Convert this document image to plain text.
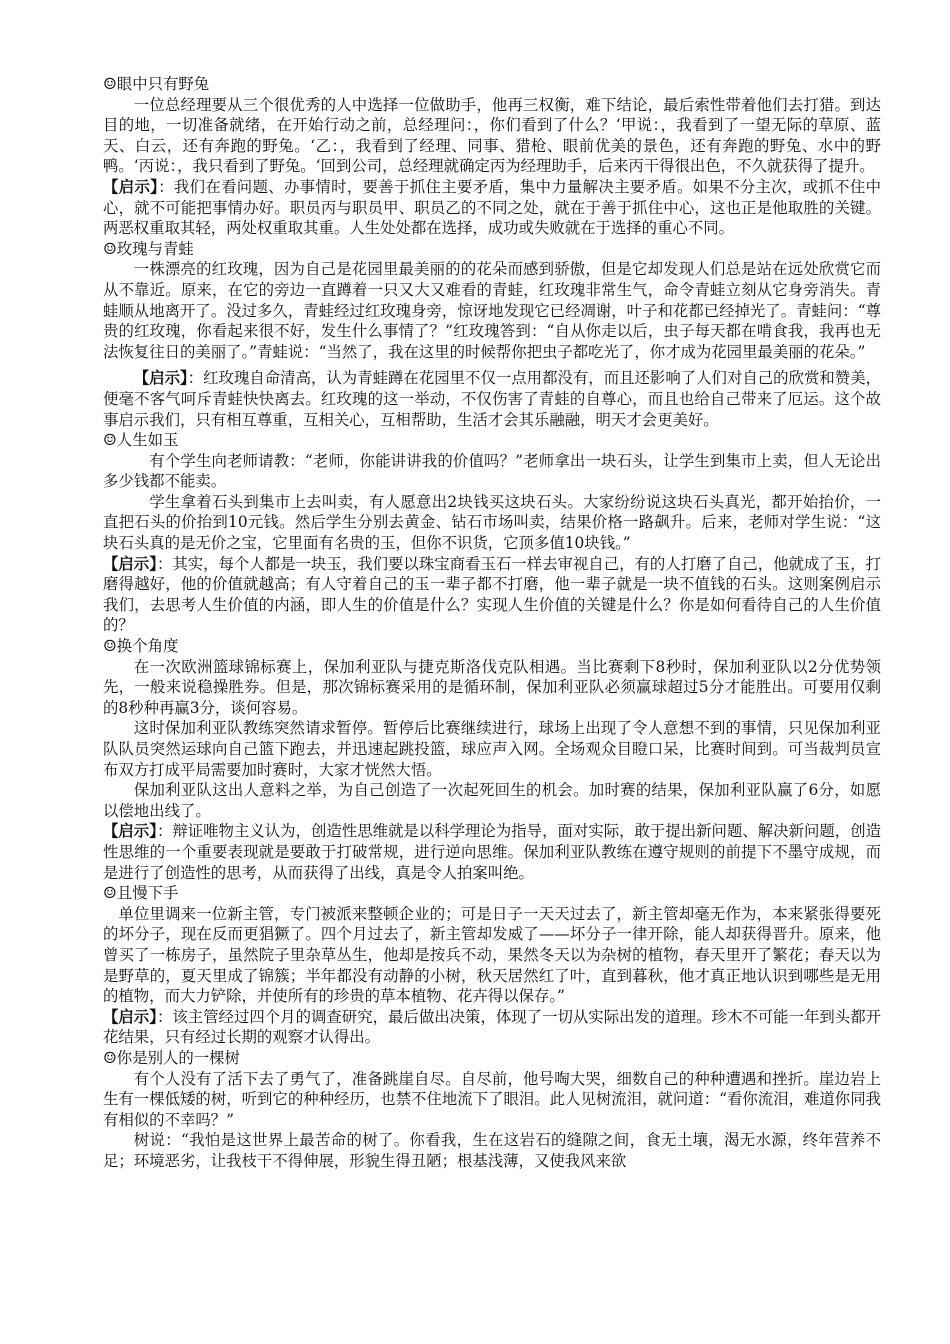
☺眼中只有野兔

一位总经理要从三个很优秀的人中选择一位做助手，他再三权衡，难下结论，最后索性带着他们去打猎。到达目的地，一切准备就绪，在开始行动之前，总经理问：，你们看到了什么？‘甲说：，我看到了一望无际的草原、蓝天、白云，还有奔跑的野兔。‘乙：，我看到了经理、同事、猎枪、眼前优美的景色，还有奔跑的野兔、水中的野鸭。‘丙说：，我只看到了野兔。‘回到公司，总经理就确定丙为经理助手，后来丙干得很出色，不久就获得了提升。

【启示】：我们在看问题、办事情时，要善于抓住主要矛盾，集中力量解决主要矛盾。如果不分主次，或抓不住中心，就不可能把事情办好。职员丙与职员甲、职员乙的不同之处，就在于善于抓住中心，这也正是他取胜的关键。两恶权重取其轻，两处权重取其重。人生处处都在选择，成功或失败就在于选择的重心不同。

☺玫瑰与青蛙

一株漂亮的红玫瑰，因为自己是花园里最美丽的的花朵而感到骄傲，但是它却发现人们总是站在远处欣赏它而从不靠近。原来，在它的旁边一直蹲着一只又大又难看的青蛙，红玫瑰非常生气，命令青蛙立刻从它身旁消失。青蛙顺从地离开了。没过多久，青蛙经过红玫瑰身旁，惊讶地发现它已经凋谢，叶子和花都已经掉光了。青蛙问：“尊贵的红玫瑰，你看起来很不好，发生什么事情了？”红玫瑰答到：“自从你走以后，虫子每天都在啃食我，我再也无法恢复往日的美丽了。”青蛙说：“当然了，我在这里的时候帮你把虫子都吃光了，你才成为花园里最美丽的花朵。”

【启示】：红玫瑰自命清高，认为青蛙蹲在花园里不仅一点用都没有，而且还影响了人们对自己的欣赏和赞美，便毫不客气呵斥青蛙快快离去。红玫瑰的这一举动，不仅伤害了青蛙的自尊心，而且也给自己带来了厄运。这个故事启示我们，只有相互尊重，互相关心，互相帮助，生活才会其乐融融，明天才会更美好。

☺人生如玉

有个学生向老师请教：“老师，你能讲讲我的价值吗？”老师拿出一块石头，让学生到集市上卖，但人无论出多少钱都不能卖。

学生拿着石头到集市上去叫卖，有人愿意出2块钱买这块石头。大家纷纷说这块石头真光，都开始抬价，一直把石头的价抬到10元钱。然后学生分别去黄金、钻石市场叫卖，结果价格一路飙升。后来，老师对学生说：“这块石头真的是无价之宝，它里面有名贵的玉，但你不识货，它顶多值10块钱。”

【启示】：其实，每个人都是一块玉，我们要以珠宝商看玉石一样去审视自己，有的人打磨了自己，他就成了玉，打磨得越好，他的价值就越高；有人守着自己的玉一辈子都不打磨，他一辈子就是一块不值钱的石头。这则案例启示我们，去思考人生价值的内涵，即人生的价值是什么？实现人生价值的关键是什么？你是如何看待自己的人生价值的？

☺换个角度

在一次欧洲篮球锦标赛上，保加利亚队与捷克斯洛伐克队相遇。当比赛剩下8秒时，保加利亚队以2分优势领先，一般来说稳操胜券。但是，那次锦标赛采用的是循环制，保加利亚队必须赢球超过5分才能胜出。可要用仅剩的8秒种再赢3分，谈何容易。

这时保加利亚队教练突然请求暂停。暂停后比赛继续进行，球场上出现了令人意想不到的事情，只见保加利亚队队员突然运球向自己篮下跑去，并迅速起跳投篮，球应声入网。全场观众目瞪口呆，比赛时间到。可当裁判员宣布双方打成平局需要加时赛时，大家才恍然大悟。

保加利亚队这出人意料之举，为自己创造了一次起死回生的机会。加时赛的结果，保加利亚队赢了6分，如愿以偿地出线了。

【启示】：辩证唯物主义认为，创造性思维就是以科学理论为指导，面对实际，敢于提出新问题、解决新问题，创造性思维的一个重要表现就是要敢于打破常规，进行逆向思维。保加利亚队教练在遵守规则的前提下不墨守成规，而是进行了创造性的思考，从而获得了出线，真是令人拍案叫绝。

☺且慢下手

单位里调来一位新主管，专门被派来整顿企业的；可是日子一天天过去了，新主管却毫无作为，本来紧张得要死的坏分子，现在反而更猖獗了。四个月过去了，新主管却发威了——坏分子一律开除，能人却获得晋升。原来，他曾买了一栋房子，虽然院子里杂草丛生，他却是按兵不动，果然冬天以为杂树的植物，春天里开了繁花；春天以为是野草的，夏天里成了锦簇；半年都没有动静的小树，秋天居然红了叶，直到暮秋，他才真正地认识到哪些是无用的植物，而大力铲除，并使所有的珍贵的草本植物、花卉得以保存。”

【启示】：该主管经过四个月的调查研究，最后做出决策，体现了一切从实际出发的道理。珍木不可能一年到头都开花结果，只有经过长期的观察才认得出。

☺你是别人的一棵树

有个人没有了活下去了勇气了，准备跳崖自尽。自尽前，他号啕大哭，细数自己的种种遭遇和挫折。崖边岩上生有一棵低矮的树，听到它的种种经历，也禁不住地流下了眼泪。此人见树流泪，就问道：“看你流泪，难道你同我有相似的不幸吗？”

树说：“我怕是这世界上最苦命的树了。你看我，生在这岩石的缝隙之间，食无土壤，渴无水源，终年营养不足；环境恶劣，让我枝干不得伸展，形貌生得丑陋；根基浅薄，又使我风来欲
